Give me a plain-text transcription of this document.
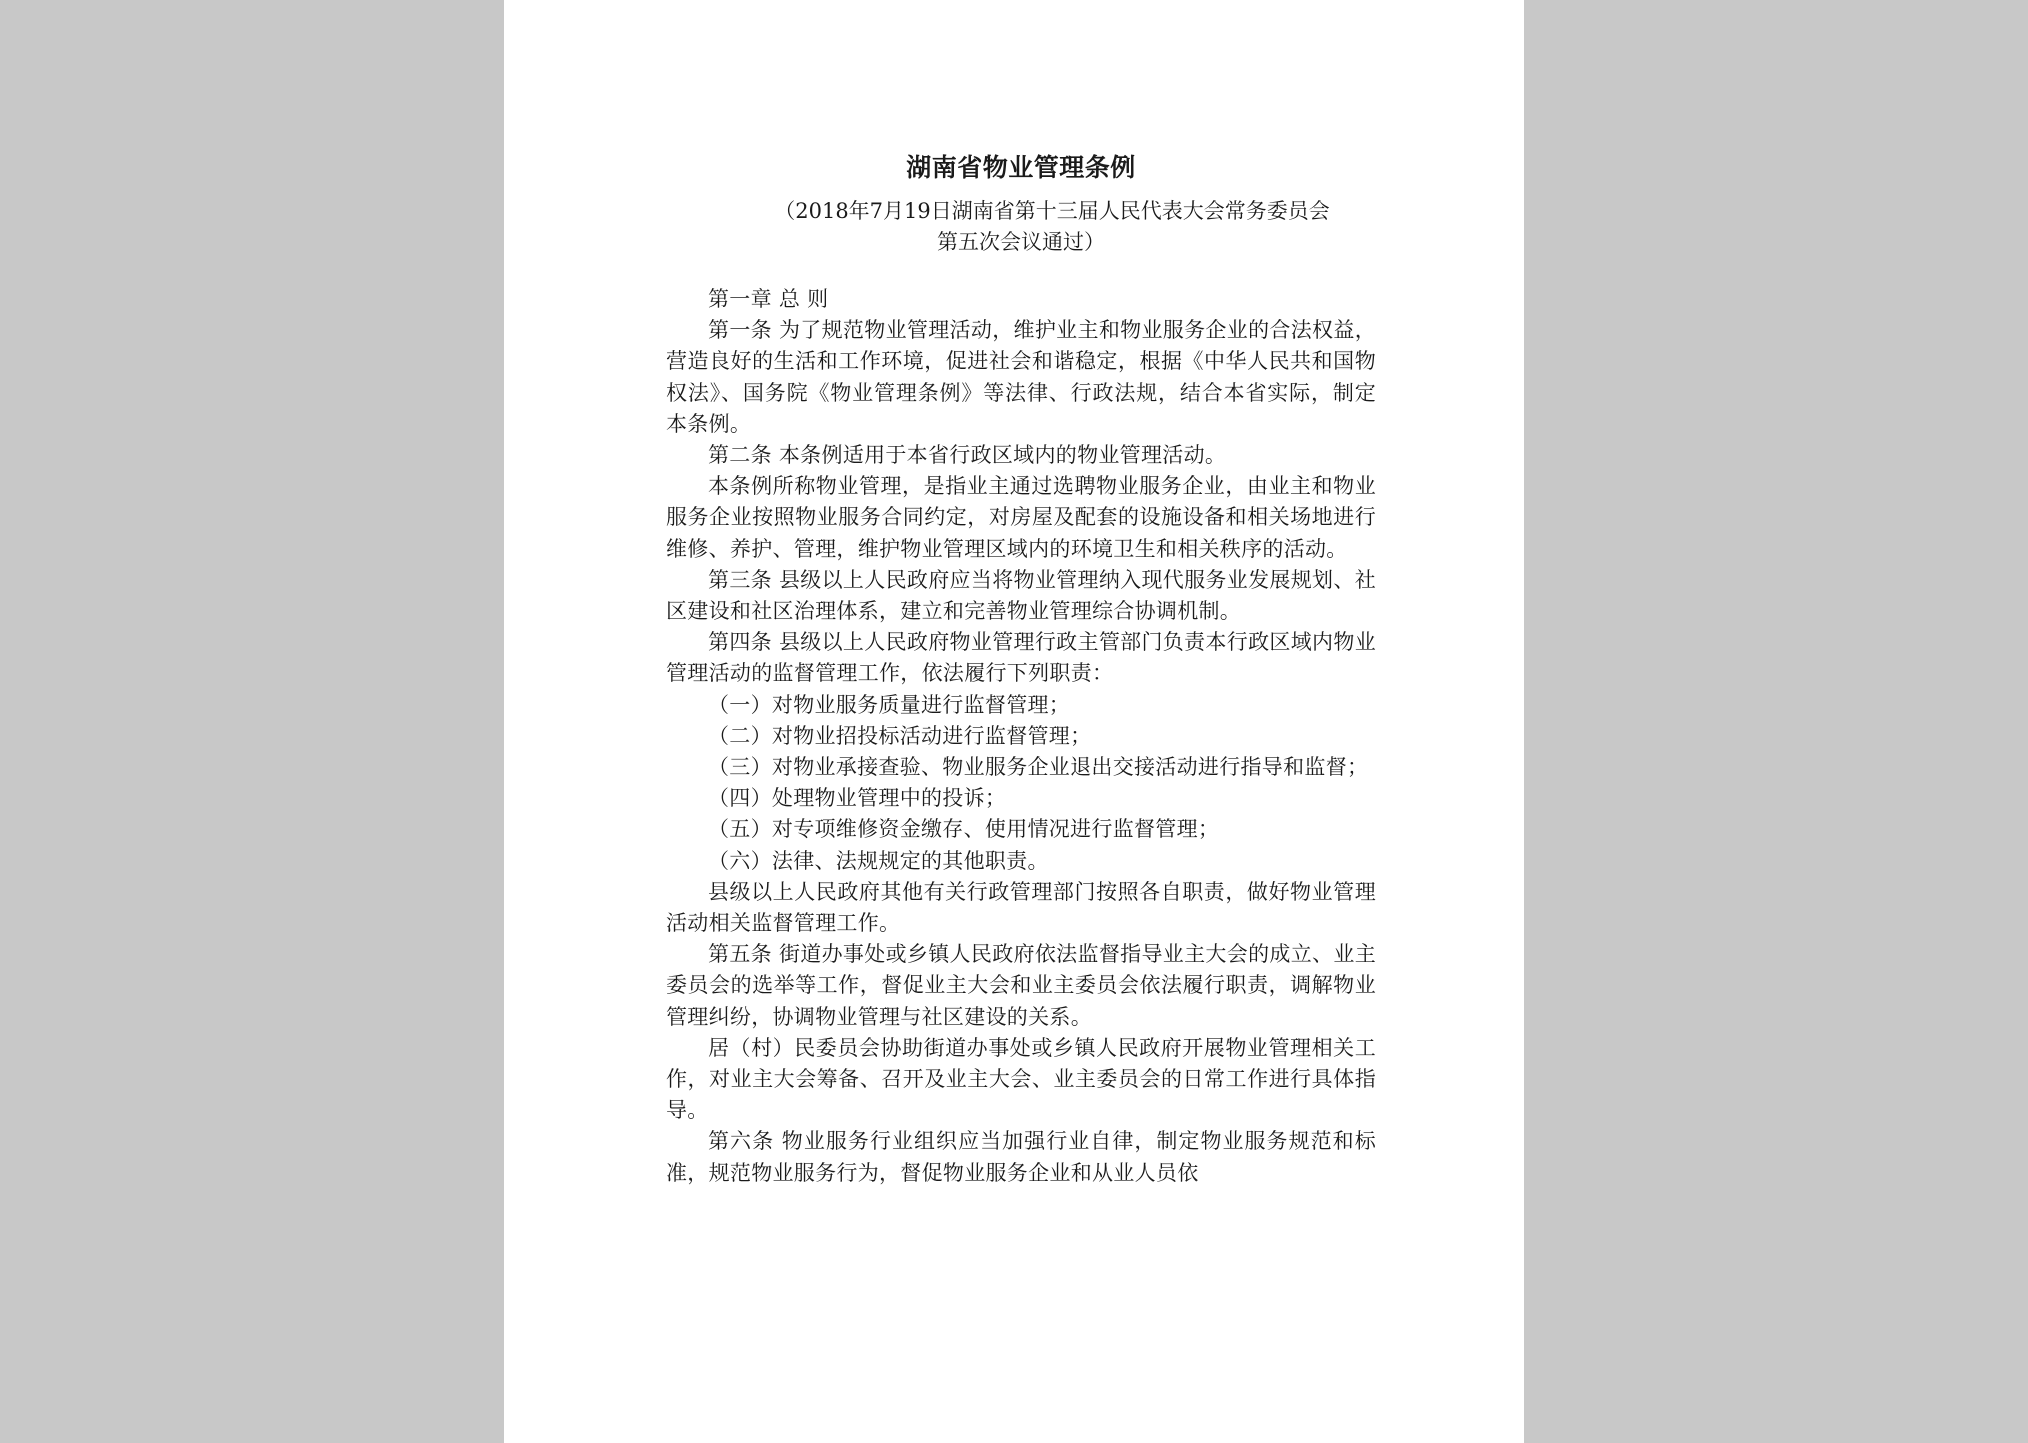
湖南省物业管理条例
（2018年7月19日湖南省第十三届人民代表大会常务委员会
第五次会议通过）

第一章 总 则

第一条 为了规范物业管理活动，维护业主和物业服务企业的合法权益，营造良好的生活和工作环境，促进社会和谐稳定，根据《中华人民共和国物权法》、国务院《物业管理条例》等法律、行政法规，结合本省实际，制定本条例。

第二条 本条例适用于本省行政区域内的物业管理活动。

本条例所称物业管理，是指业主通过选聘物业服务企业，由业主和物业服务企业按照物业服务合同约定，对房屋及配套的设施设备和相关场地进行维修、养护、管理，维护物业管理区域内的环境卫生和相关秩序的活动。

第三条 县级以上人民政府应当将物业管理纳入现代服务业发展规划、社区建设和社区治理体系，建立和完善物业管理综合协调机制。

第四条 县级以上人民政府物业管理行政主管部门负责本行政区域内物业管理活动的监督管理工作，依法履行下列职责：

（一）对物业服务质量进行监督管理；

（二）对物业招投标活动进行监督管理；

（三）对物业承接查验、物业服务企业退出交接活动进行指导和监督；

（四）处理物业管理中的投诉；

（五）对专项维修资金缴存、使用情况进行监督管理；

（六）法律、法规规定的其他职责。

县级以上人民政府其他有关行政管理部门按照各自职责，做好物业管理活动相关监督管理工作。

第五条 街道办事处或乡镇人民政府依法监督指导业主大会的成立、业主委员会的选举等工作，督促业主大会和业主委员会依法履行职责，调解物业管理纠纷，协调物业管理与社区建设的关系。

居（村）民委员会协助街道办事处或乡镇人民政府开展物业管理相关工作，对业主大会筹备、召开及业主大会、业主委员会的日常工作进行具体指导。

第六条 物业服务行业组织应当加强行业自律，制定物业服务规范和标准，规范物业服务行为，督促物业服务企业和从业人员依
